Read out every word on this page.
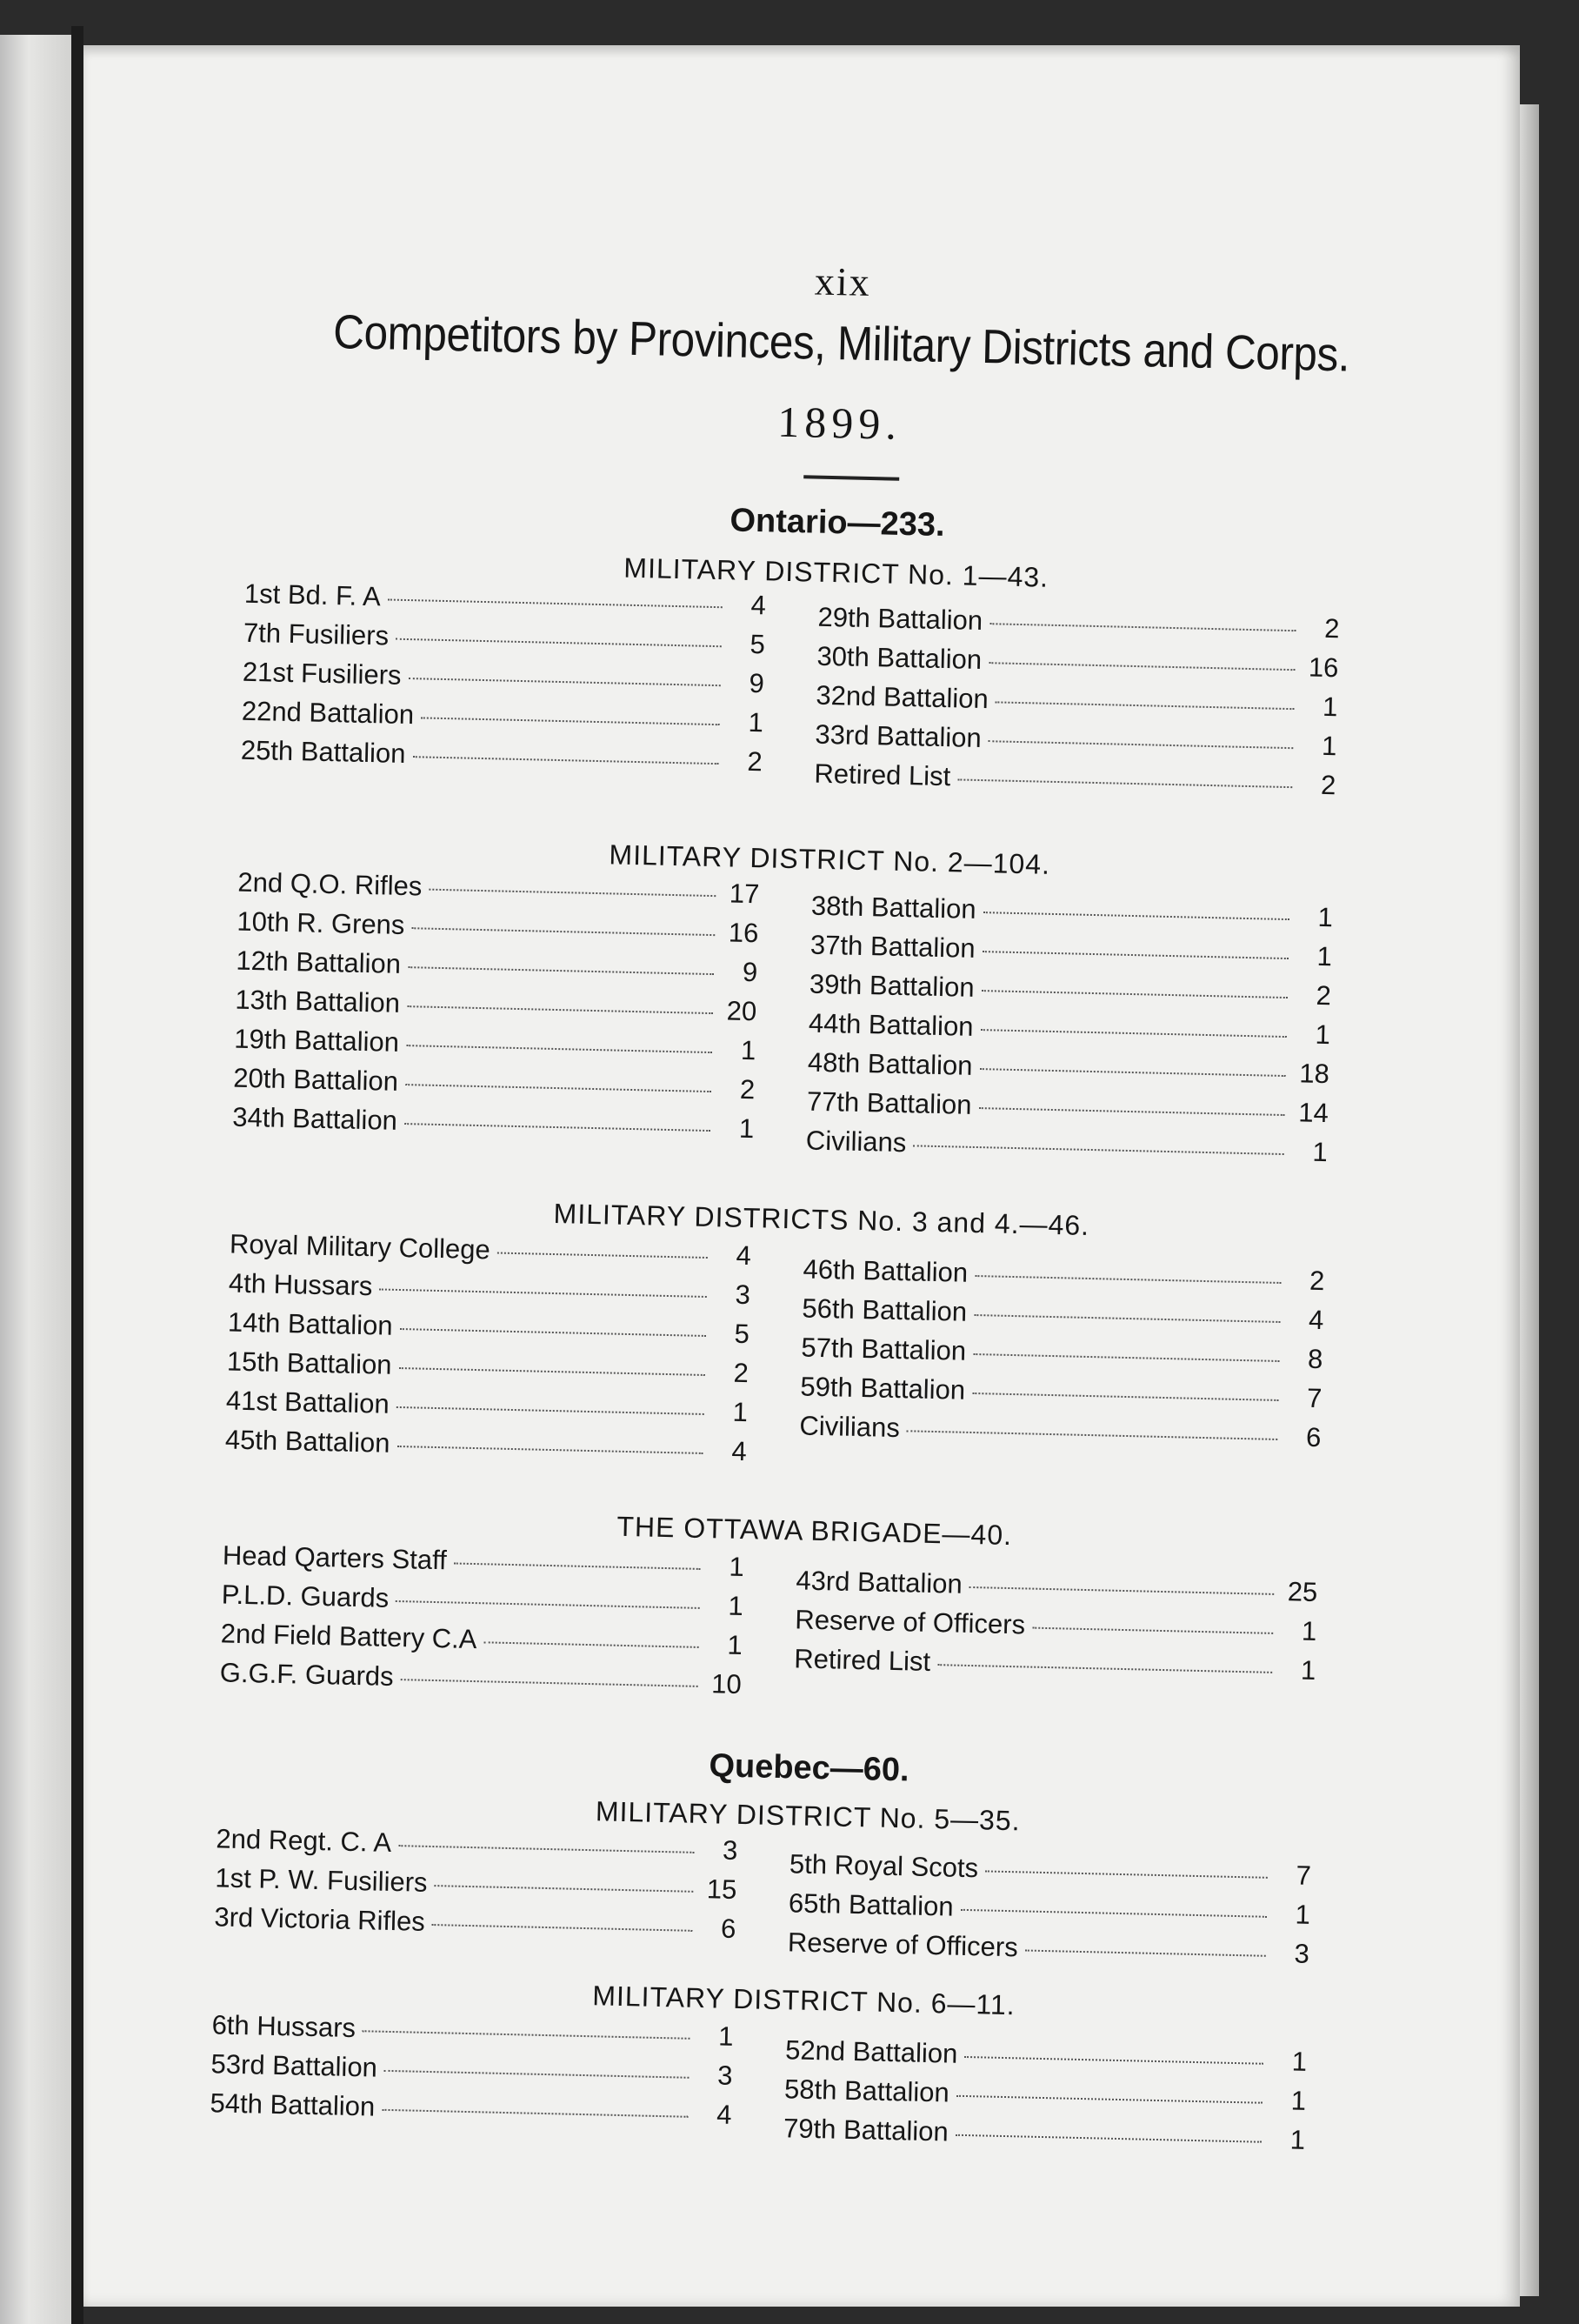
xix
Competitors by Provinces, Military Districts and Corps.
1899.
Ontario—233.
MILITARY DISTRICT No. 1—43.
1st Bd. F. A	4
7th Fusiliers	5
21st Fusiliers	9
22nd Battalion	1
25th Battalion	2
29th Battalion	2
30th Battalion	16
32nd Battalion	1
33rd Battalion	1
Retired List	2
MILITARY DISTRICT No. 2—104.
2nd Q.O. Rifles	17
10th R. Grens	16
12th Battalion	9
13th Battalion	20
19th Battalion	1
20th Battalion	2
34th Battalion	1
38th Battalion	1
37th Battalion	1
39th Battalion	2
44th Battalion	1
48th Battalion	18
77th Battalion	14
Civilians	1
MILITARY DISTRICTS No. 3 and 4.—46.
Royal Military College	4
4th Hussars	3
14th Battalion	5
15th Battalion	2
41st Battalion	1
45th Battalion	4
46th Battalion	2
56th Battalion	4
57th Battalion	8
59th Battalion	7
Civilians	6
THE OTTAWA BRIGADE—40.
Head Qarters Staff	1
P.L.D. Guards	1
2nd Field Battery C.A	1
G.G.F. Guards	10
43rd Battalion	25
Reserve of Officers	1
Retired List	1
Quebec—60.
MILITARY DISTRICT No. 5—35.
2nd Regt. C. A	3
1st P. W. Fusiliers	15
3rd Victoria Rifles	6
5th Royal Scots	7
65th Battalion	1
Reserve of Officers	3
MILITARY DISTRICT No. 6—11.
6th Hussars	1
53rd Battalion	3
54th Battalion	4
52nd Battalion	1
58th Battalion	1
79th Battalion	1
